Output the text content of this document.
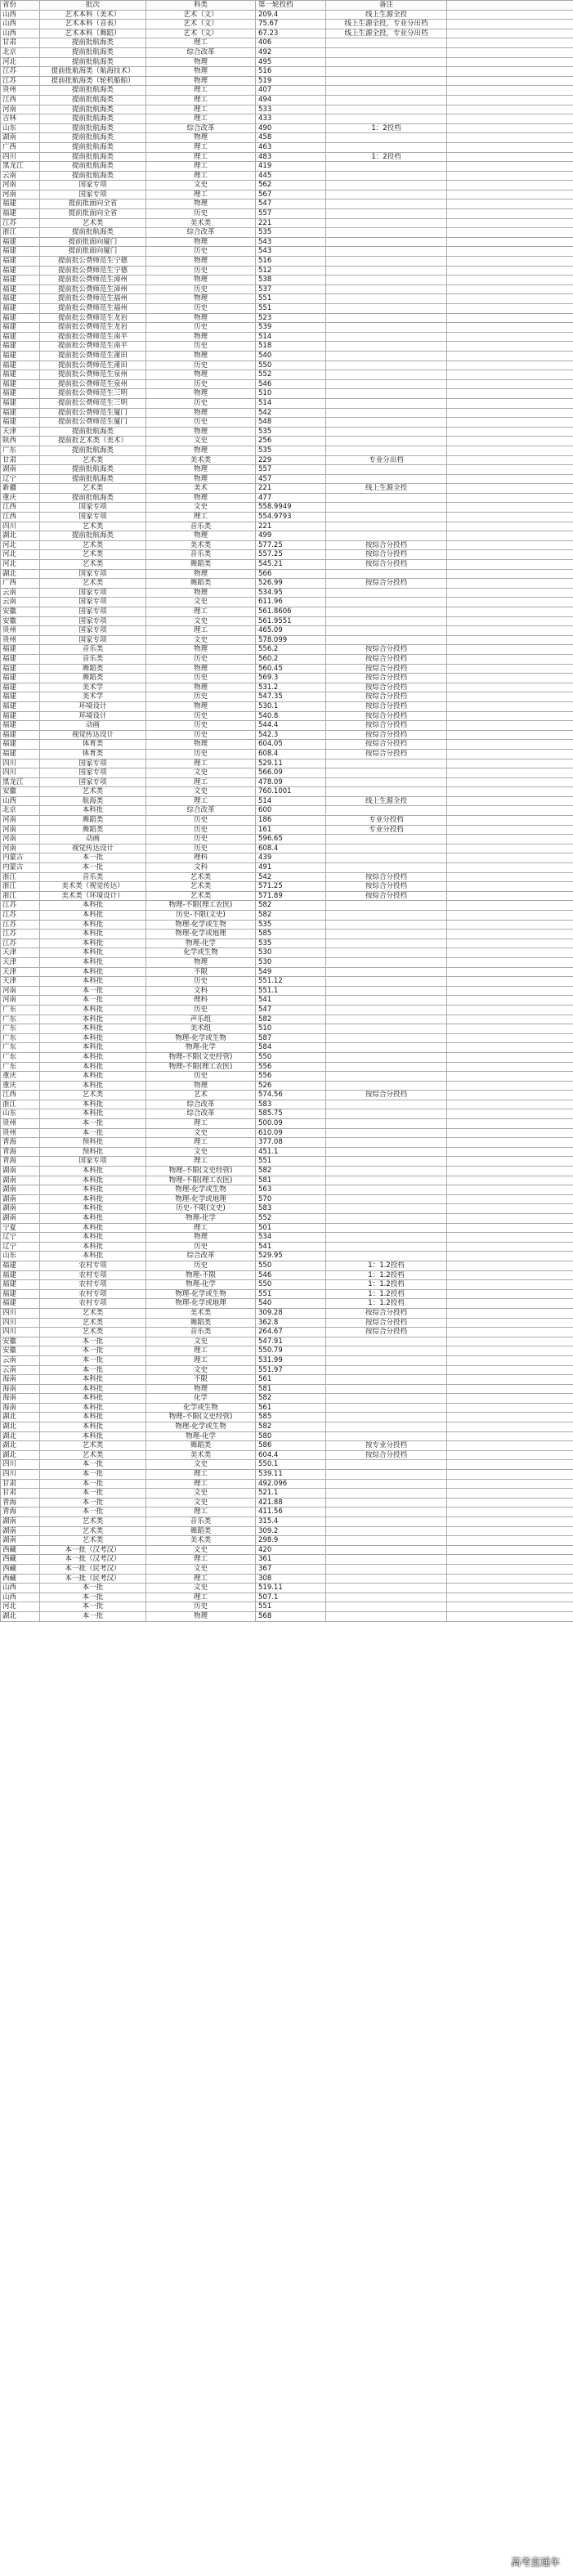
省份	批次	科类	第一轮投档	备注	
山西	艺术本科（美术）	艺术（文）	209.4	线上生源全投	
山西	艺术本科（音表）	艺术（文）	75.67	线上生源全投，专业分出档	
山西	艺术本科（舞蹈）	艺术（文）	67.23	线上生源全投，专业分出档	
甘肃	提前批航海类	理工	406		
北京	提前批航海类	综合改革	492		
河北	提前批航海类	物理	495		
江苏	提前批航海类（航海技术）	物理	516		
江苏	提前批航海类（轮机船舶）	物理	519		
贵州	提前批航海类	理工	407		
江西	提前批航海类	理工	494		
河南	提前批航海类	理工	533		
吉林	提前批航海类	理工	433		
山东	提前批航海类	综合改革	490	1：2投档	
湖南	提前批航海类	物理	458		
广西	提前批航海类	理工	463		
四川	提前批航海类	理工	483	1：2投档	
黑龙江	提前批航海类	理工	419		
云南	提前批航海类	理工	445		
河南	国家专项	文史	562		
河南	国家专项	理工	567		
福建	提前批面向全省	物理	547		
福建	提前批面向全省	历史	557		
江苏	艺术类	美术类	221		
浙江	提前批航海类	综合改革	535		
福建	提前批面向厦门	物理	543		
福建	提前批面向厦门	历史	543		
福建	提前批公费师范生宁德	物理	516		
福建	提前批公费师范生宁德	历史	512		
福建	提前批公费师范生漳州	物理	538		
福建	提前批公费师范生漳州	历史	537		
福建	提前批公费师范生福州	物理	551		
福建	提前批公费师范生福州	历史	551		
福建	提前批公费师范生龙岩	物理	523		
福建	提前批公费师范生龙岩	历史	539		
福建	提前批公费师范生南平	物理	514		
福建	提前批公费师范生南平	历史	518		
福建	提前批公费师范生莆田	物理	540		
福建	提前批公费师范生莆田	历史	550		
福建	提前批公费师范生泉州	物理	552		
福建	提前批公费师范生泉州	历史	546		
福建	提前批公费师范生三明	物理	510		
福建	提前批公费师范生三明	历史	514		
福建	提前批公费师范生厦门	物理	542		
福建	提前批公费师范生厦门	历史	548		
天津	提前批航海类	物理	535		
陕西	提前批艺术类（美术）	文史	256		
广东	提前批航海类	物理	535		
甘肃	艺术类	美术类	229	专业分出档	
湖南	提前批航海类	物理	557		
辽宁	提前批航海类	物理	457		
新疆	艺术类	美术	221	线上生源全投	
重庆	提前批航海类	物理	477		
江西	国家专项	文史	558.9949		
江西	国家专项	理工	554.9793		
四川	艺术类	音乐类	221		
湖北	提前批航海类	物理	499		
河北	艺术类	美术类	577.25	按综合分投档	
河北	艺术类	音乐类	557.25	按综合分投档	
河北	艺术类	舞蹈类	545.21	按综合分投档	
湖北	国家专项	物理	566		
广西	艺术类	舞蹈类	526.99	按综合分投档	
云南	国家专项	物理	534.95		
云南	国家专项	文史	611.96		
安徽	国家专项	理工	561.8606		
安徽	国家专项	文史	561.9551		
贵州	国家专项	理工	465.09		
贵州	国家专项	文史	578.099		
福建	音乐类	物理	556.2	按综合分投档	
福建	音乐类	历史	560.2	按综合分投档	
福建	舞蹈类	物理	560.45	按综合分投档	
福建	舞蹈类	历史	569.3	按综合分投档	
福建	美术学	物理	531.2	按综合分投档	
福建	美术学	历史	547.35	按综合分投档	
福建	环境设计	物理	530.1	按综合分投档	
福建	环境设计	历史	540.8	按综合分投档	
福建	动画	历史	544.4	按综合分投档	
福建	视觉传达设计	历史	542.3	按综合分投档	
福建	体育类	物理	604.05	按综合分投档	
福建	体育类	历史	608.4	按综合分投档	
四川	国家专项	理工	529.11		
四川	国家专项	文史	566.09		
黑龙江	国家专项	理工	478.09		
安徽	艺术类	文史	760.1001		
山西	航海类	理工	514	线上生源全投	
北京	本科批	综合改革	600		
河南	舞蹈类	历史	186	专业分投档	
河南	舞蹈类	历史	161	专业分投档	
河南	动画	历史	596.65		
河南	视觉传达设计	历史	608.4		
内蒙古	本一批	理科	439		
内蒙古	本一批	文科	491		
浙江	音乐类	艺术类	542	按综合分投档	
浙江	美术类（视觉传达）	艺术类	571.25	按综合分投档	
浙江	美术类（环境设计）	艺术类	571.89	按综合分投档	
江苏	本科批	物理-不限(理工农医)	582		
江苏	本科批	历史-不限(文史)	582		
江苏	本科批	物理-化学或生物	535		
江苏	本科批	物理-化学或地理	585		
江苏	本科批	物理-化学	535		
天津	本科批	化学或生物	530		
天津	本科批	物理	530		
天津	本科批	不限	549		
天津	本科批	历史	551.12		
河南	本一批	文科	551.1		
河南	本一批	理科	541		
广东	本科批	历史	547		
广东	本科批	声乐组	582		
广东	本科批	美术组	510		
广东	本科批	物理-化学或生物	587		
广东	本科批	物理-化学	584		
广东	本科批	物理-不限(文史经管)	550		
广东	本科批	物理-不限(理工农医)	556		
重庆	本科批	历史	556		
重庆	本科批	物理	526		
江西	艺术类	艺术	574.56	按综合分投档	
浙江	本科批	综合改革	583		
山东	本科批	综合改革	585.75		
贵州	本一批	理工	500.09		
贵州	本一批	文史	610.09		
青海	预科批	理工	377.08		
青海	预科批	文史	451.1		
青海	国家专项	理工	551		
湖南	本科批	物理-不限(文史经管)	582		
湖南	本科批	物理-不限(理工农医)	581		
湖南	本科批	物理-化学或生物	563		
湖南	本科批	物理-化学或地理	570		
湖南	本科批	历史-不限(文史)	583		
湖南	本科批	物理-化学	552		
宁夏	本科批	理工	501		
辽宁	本科批	物理	534		
辽宁	本科批	历史	541		
山东	本科批	综合改革	529.95		
福建	农村专项	历史	550	1：1.2投档	
福建	农村专项	物理-不限	546	1：1.2投档	
福建	农村专项	物理-化学	550	1：1.2投档	
福建	农村专项	物理-化学或生物	551	1：1.2投档	
福建	农村专项	物理-化学或地理	540	1：1.2投档	
四川	艺术类	美术类	309.28	按综合分投档	
四川	艺术类	舞蹈类	362.8	按综合分投档	
四川	艺术类	音乐类	264.67	按综合分投档	
安徽	本一批	文史	547.91		
安徽	本一批	理工	550.79		
云南	本一批	理工	531.99		
云南	本一批	文史	551.97		
海南	本科批	不限	561		
海南	本科批	物理	581		
海南	本科批	化学	582		
海南	本科批	化学或生物	561		
湖北	本科批	物理-不限(文史经管)	585		
湖北	本科批	物理-化学或生物	582		
湖北	本科批	物理-化学	580		
湖北	艺术类	舞蹈类	586	按专业分投档	
湖北	艺术类	美术类	604.4	按综合分投档	
四川	本一批	文史	550.1		
四川	本一批	理工	539.11		
甘肃	本一批	理工	492.096		
甘肃	本一批	文史	521.1		
青海	本一批	文史	421.88		
青海	本一批	理工	411.56		
湖南	艺术类	音乐类	315.4		
湖南	艺术类	舞蹈类	309.2		
湖南	艺术类	美术类	298.9		
西藏	本一批（汉考汉）	文史	420		
西藏	本一批（汉考汉）	理工	361		
西藏	本一批（民考汉）	文史	367		
西藏	本一批（民考汉）	理工	308		
山西	本一批	文史	519.11		
山西	本一批	理工	507.1		
河北	本一批	历史	551		
湖北	本一批	物理	568		
高考直通车
